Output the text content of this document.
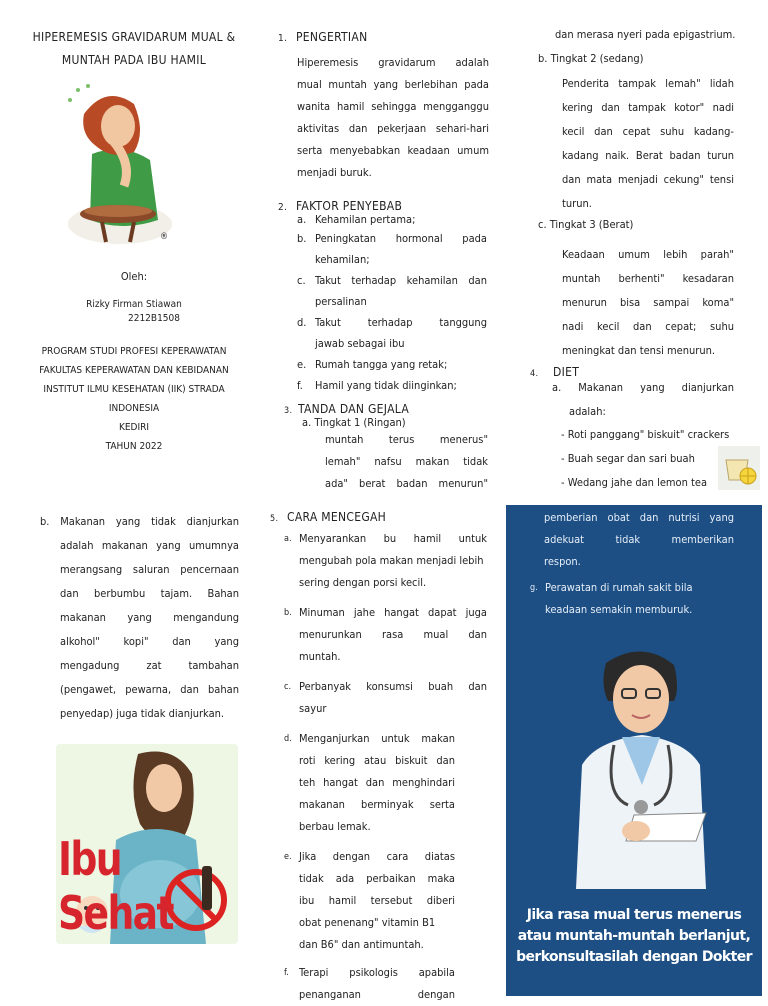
HIPEREMESIS GRAVIDARUM MUAL &
MUNTAH PADA IBU HAMIL
®
Oleh:
Rizky Firman Stiawan
2212B1508
PROGRAM STUDI PROFESI KEPERAWATAN
FAKULTAS KEPERAWATAN DAN KEBIDANAN
INSTITUT ILMU KESEHATAN (IIK) STRADA
INDONESIA
KEDIRI
TAHUN 2022
1. PENGERTIAN
Hiperemesis gravidarum adalah
mual muntah yang berlebihan pada
wanita hamil sehingga mengganggu
aktivitas dan pekerjaan sehari-hari
serta menyebabkan keadaan umum
menjadi buruk.
2. FAKTOR PENYEBAB
a. Kehamilan pertama;
b. Peningkatan hormonal pada
kehamilan;
c. Takut terhadap kehamilan dan
persalinan
d. Takut terhadap tanggung
jawab sebagai ibu
e. Rumah tangga yang retak;
f.	Hamil yang tidak diinginkan;
3. TANDA DAN GEJALA
a. Tingkat 1 (Ringan)
muntah terus menerus"
lemah" nafsu makan tidak
ada" berat badan menurun"
dan merasa nyeri pada epigastrium.
b. Tingkat 2 (sedang)
Penderita tampak lemah" lidah
kering dan tampak kotor" nadi
kecil dan cepat suhu kadang-
kadang naik. Berat badan turun
dan mata menjadi cekung" tensi
turun.
c. Tingkat 3 (Berat)
Keadaan umum lebih parah"
muntah berhenti" kesadaran
menurun bisa sampai koma"
nadi kecil dan cepat; suhu
meningkat dan tensi menurun.
4. DIET
a. Makanan yang dianjurkan
adalah:
- Roti panggang" biskuit" crackers
- Buah segar dan sari buah
- Wedang jahe dan lemon tea
b. Makanan yang tidak dianjurkan
adalah makanan yang umumnya
merangsang saluran pencernaan
dan berbumbu tajam. Bahan
makanan yang mengandung
alkohol" kopi" dan yang
mengadung zat tambahan
(pengawet, pewarna, dan bahan
penyedap) juga tidak dianjurkan.
Ibu Sehat
5. CARA MENCEGAH
a. Menyarankan bu hamil untuk
mengubah pola makan menjadi lebih
sering dengan porsi kecil.
b. Minuman jahe hangat dapat juga
menurunkan rasa mual dan
muntah.
c. Perbanyak konsumsi buah dan
sayur
d. Menganjurkan untuk makan
roti kering atau biskuit dan
teh hangat dan menghindari
makanan berminyak serta
berbau lemak.
e. Jika dengan cara diatas
tidak ada perbaikan maka
ibu hamil tersebut diberi
obat penenang" vitamin B1
dan B6" dan antimuntah.
f. Terapi psikologis apabila
penanganan dengan
pemberian obat dan nutrisi yang
adekuat tidak memberikan
respon.
g. Perawatan di rumah sakit bila
keadaan semakin memburuk.
Jika rasa mual terus menerus
atau muntah-muntah berlanjut,
berkonsultasilah dengan Dokter
